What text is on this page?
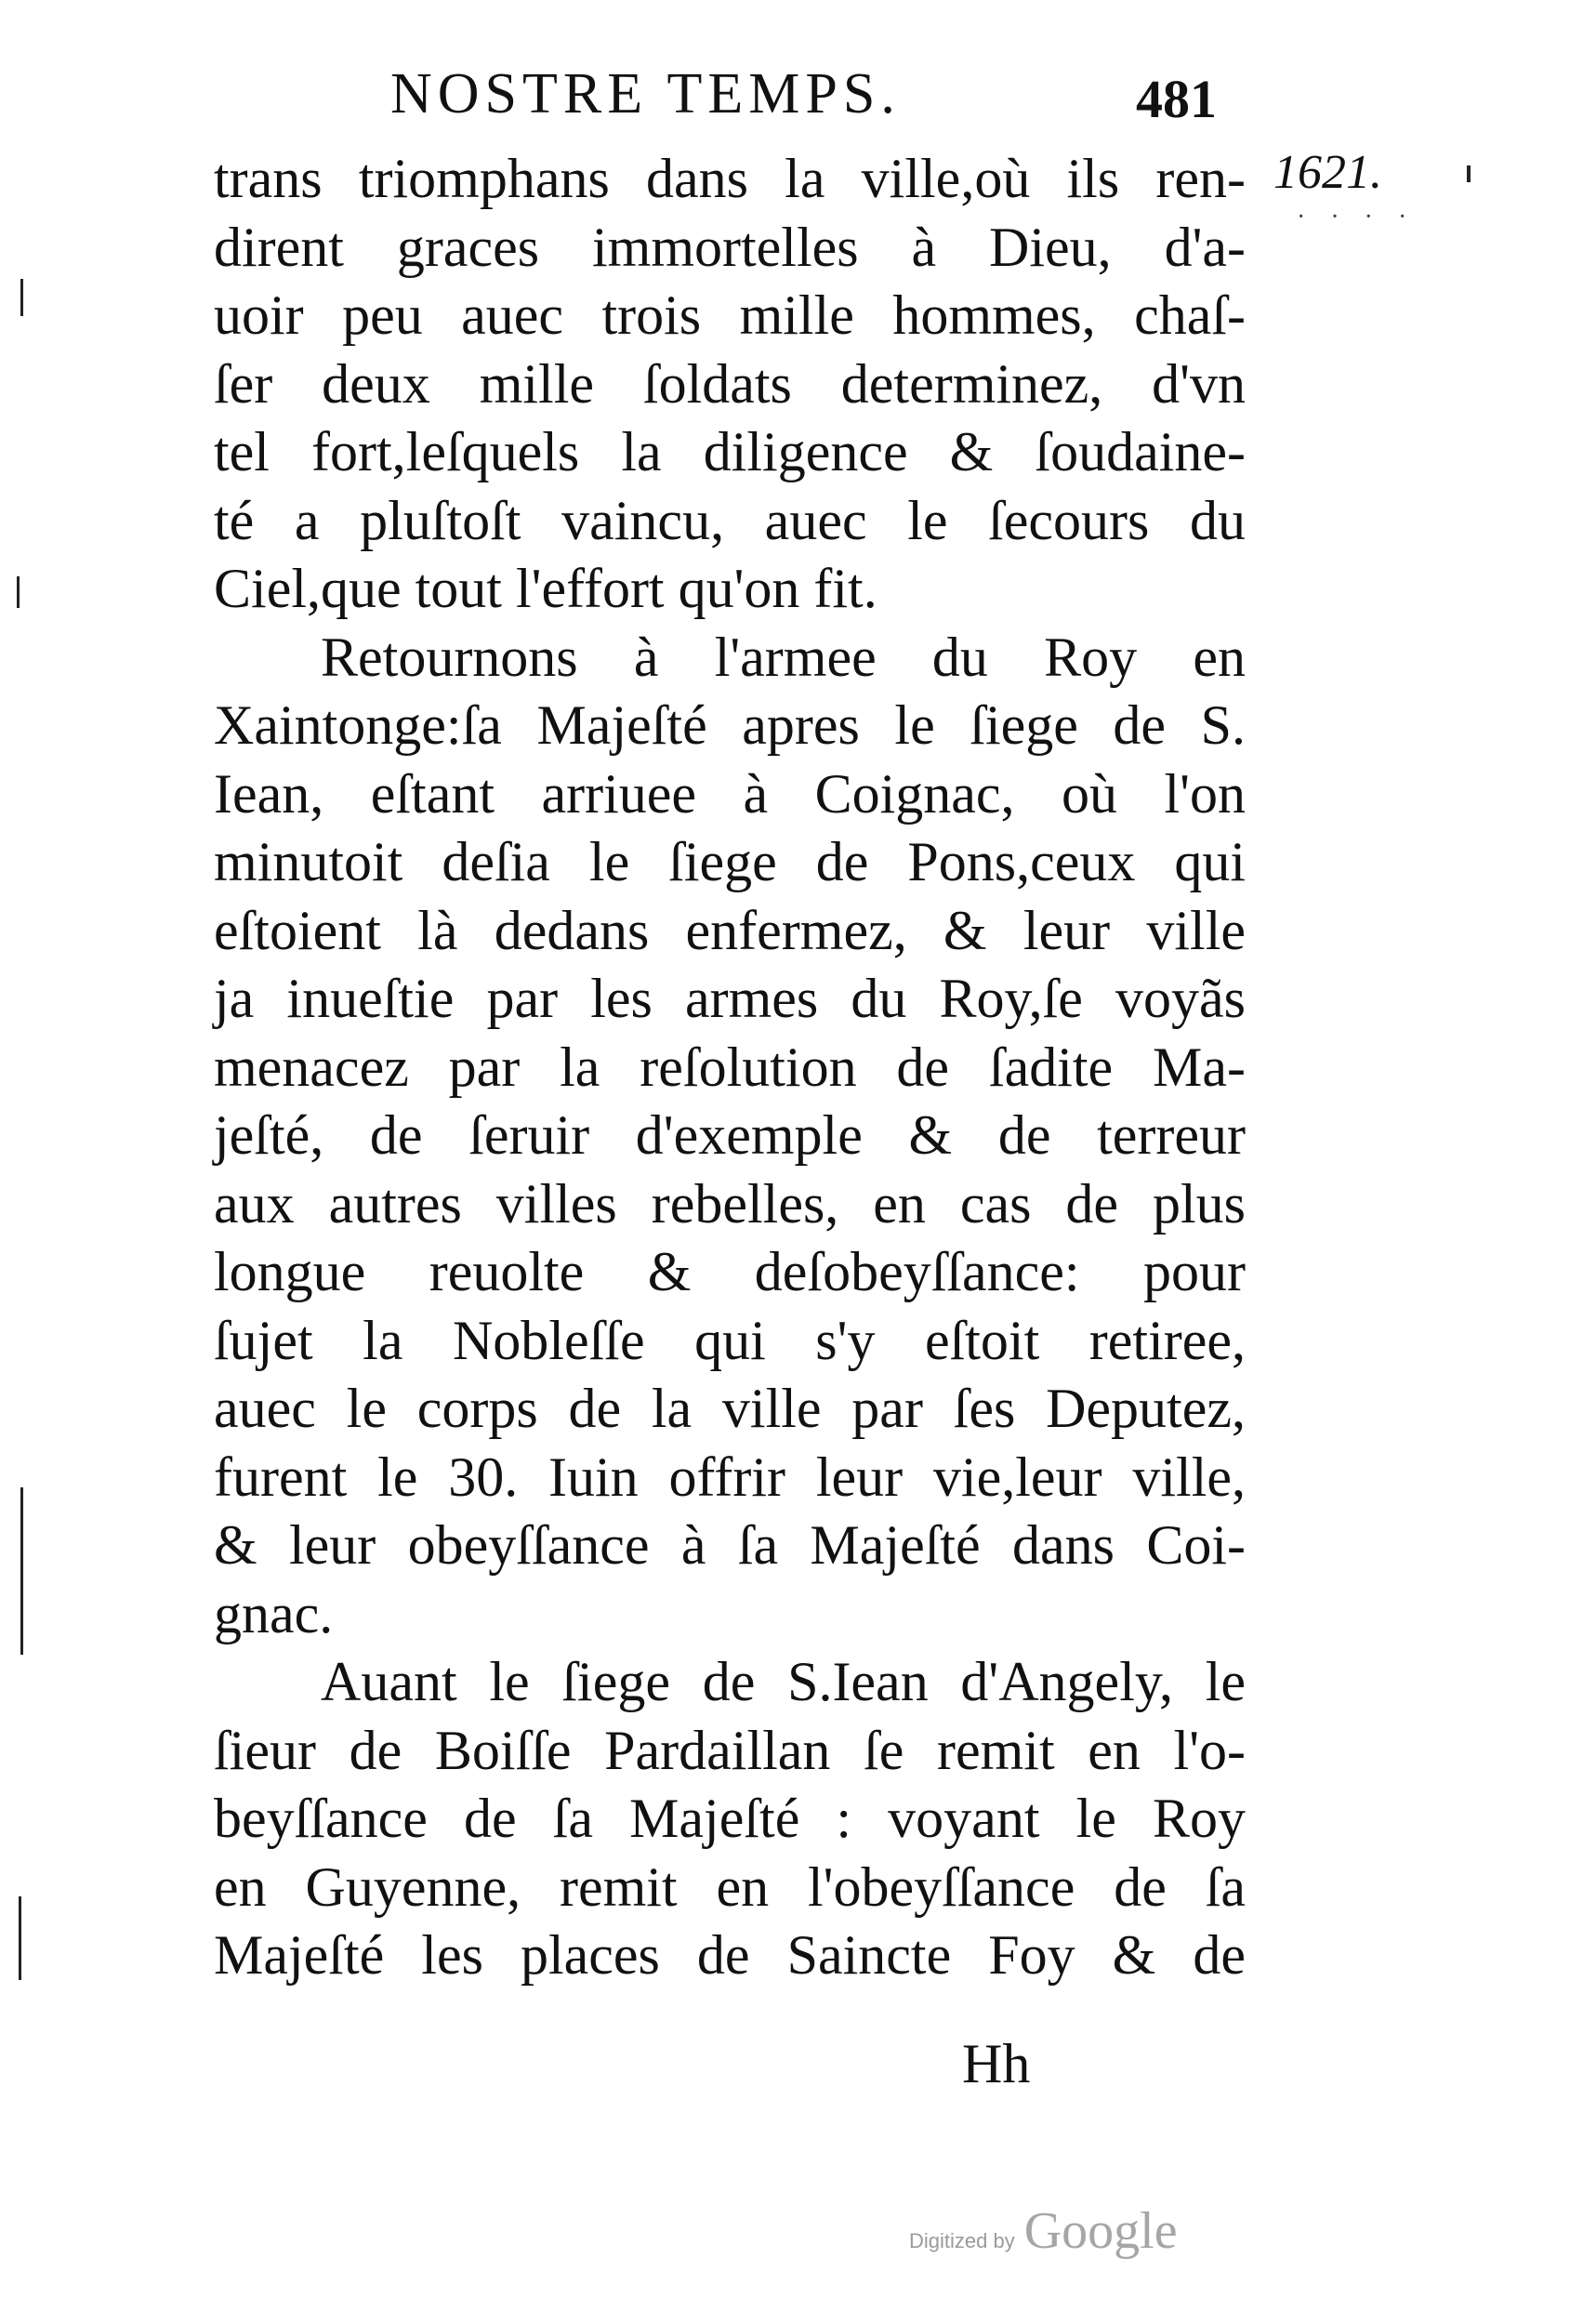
NOSTRE TEMPS.	481
1621.
· · · ·
trans triomphans dans la ville,où ils ren-
dirent graces immortelles à Dieu, d'a-
uoir peu auec trois mille hommes, chaſ-
ſer deux mille ſoldats determinez, d'vn
tel fort,leſquels la diligence & ſoudaine-
té a pluſtoſt vaincu, auec le ſecours du
Ciel,que tout l'effort qu'on fit.
Retournons à l'armee du Roy en
Xaintonge:ſa Majeſté apres le ſiege de S.
Iean, eſtant arriuee à Coignac, où l'on
minutoit deſia le ſiege de Pons,ceux qui
eſtoient là dedans enfermez, & leur ville
ja inueſtie par les armes du Roy,ſe voyãs
menacez par la reſolution de ſadite Ma-
jeſté, de ſeruir d'exemple & de terreur
aux autres villes rebelles, en cas de plus
longue reuolte & deſobeyſſance: pour
ſujet la Nobleſſe qui s'y eſtoit retiree,
auec le corps de la ville par ſes Deputez,
furent le 30. Iuin offrir leur vie,leur ville,
& leur obeyſſance à ſa Majeſté dans Coi-
gnac.
Auant le ſiege de S.Iean d'Angely, le
ſieur de Boiſſe Pardaillan ſe remit en l'o-
beyſſance de ſa Majeſté : voyant le Roy
en Guyenne, remit en l'obeyſſance de ſa
Majeſté les places de Saincte Foy & de
Hh
Digitized by Google
